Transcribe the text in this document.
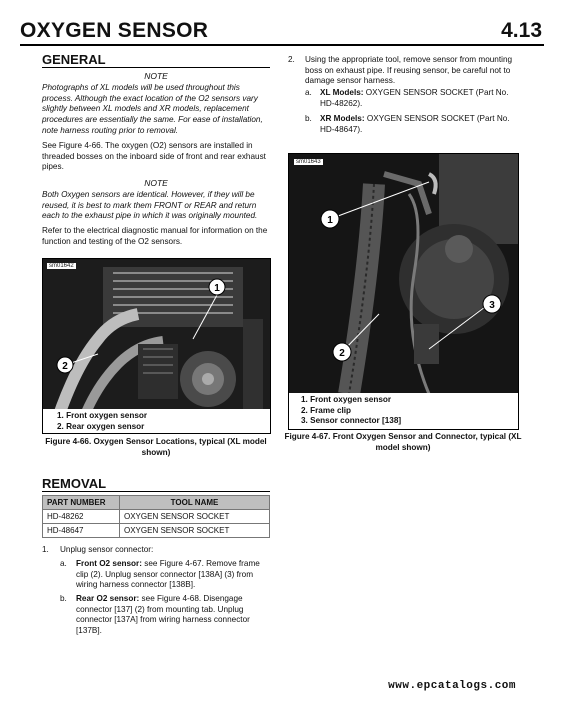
OXYGEN SENSOR	4.13
GENERAL
NOTE
Photographs of XL models will be used throughout this process. Although the exact location of the O2 sensors vary slightly between XL models and XR models, replacement procedures are essentially the same. For ease of installation, note harness routing prior to removal.
See Figure 4-66. The oxygen (O2) sensors are installed in threaded bosses on the inboard side of front and rear exhaust pipes.
NOTE
Both Oxygen sensors are identical. However, if they will be reused, it is best to mark them FRONT or REAR and return each to the exhaust pipe in which it was originally mounted.
Refer to the electrical diagnostic manual for information on the function and testing of the O2 sensors.
1
2
sm01642
1. Front oxygen sensor
2. Rear oxygen sensor
Figure 4-66. Oxygen Sensor Locations, typical (XL model shown)
REMOVAL
PART NUMBER	TOOL NAME
HD-48262	OXYGEN SENSOR SOCKET
HD-48647	OXYGEN SENSOR SOCKET
1. Unplug sensor connector:
a. Front O2 sensor: see Figure 4-67. Remove frame clip (2). Unplug sensor connector [138A] (3) from wiring harness connector [138B].
b. Rear O2 sensor: see Figure 4-68. Disengage connector [137] (2) from mounting tab. Unplug connector [137A] from wiring harness connector [137B].
2. Using the appropriate tool, remove sensor from mounting boss on exhaust pipe. If reusing sensor, be careful not to damage sensor harness.
a. XL Models: OXYGEN SENSOR SOCKET (Part No. HD-48262).
b. XR Models: OXYGEN SENSOR SOCKET (Part No. HD-48647).
1
2
3
sm01643
1. Front oxygen sensor
2. Frame clip
3. Sensor connector [138]
Figure 4-67. Front Oxygen Sensor and Connector, typical (XL model shown)
www.epcatalogs.com
